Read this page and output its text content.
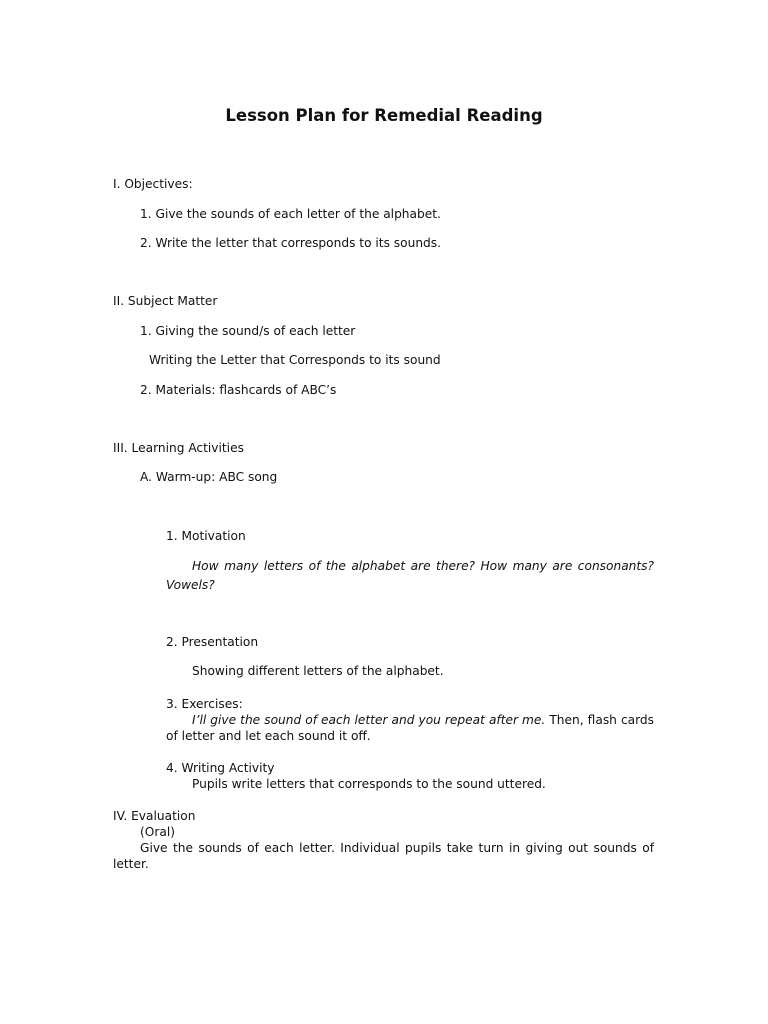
Lesson Plan for Remedial Reading
I. Objectives:
1. Give the sounds of each letter of the alphabet.
2. Write the letter that corresponds to its sounds.
II. Subject Matter
1. Giving the sound/s of each letter
Writing the Letter that Corresponds to its sound
2. Materials: flashcards of ABC’s
III. Learning Activities
A. Warm-up: ABC song
1. Motivation
How many letters of the alphabet are there? How many are consonants? Vowels?
2. Presentation
Showing different letters of the alphabet.
3. Exercises:
I’ll give the sound of each letter and you repeat after me. Then, flash cards of letter and let each sound it off.
4. Writing Activity
Pupils write letters that corresponds to the sound uttered.
IV. Evaluation
(Oral)
Give the sounds of each letter. Individual pupils take turn in giving out sounds of letter.
